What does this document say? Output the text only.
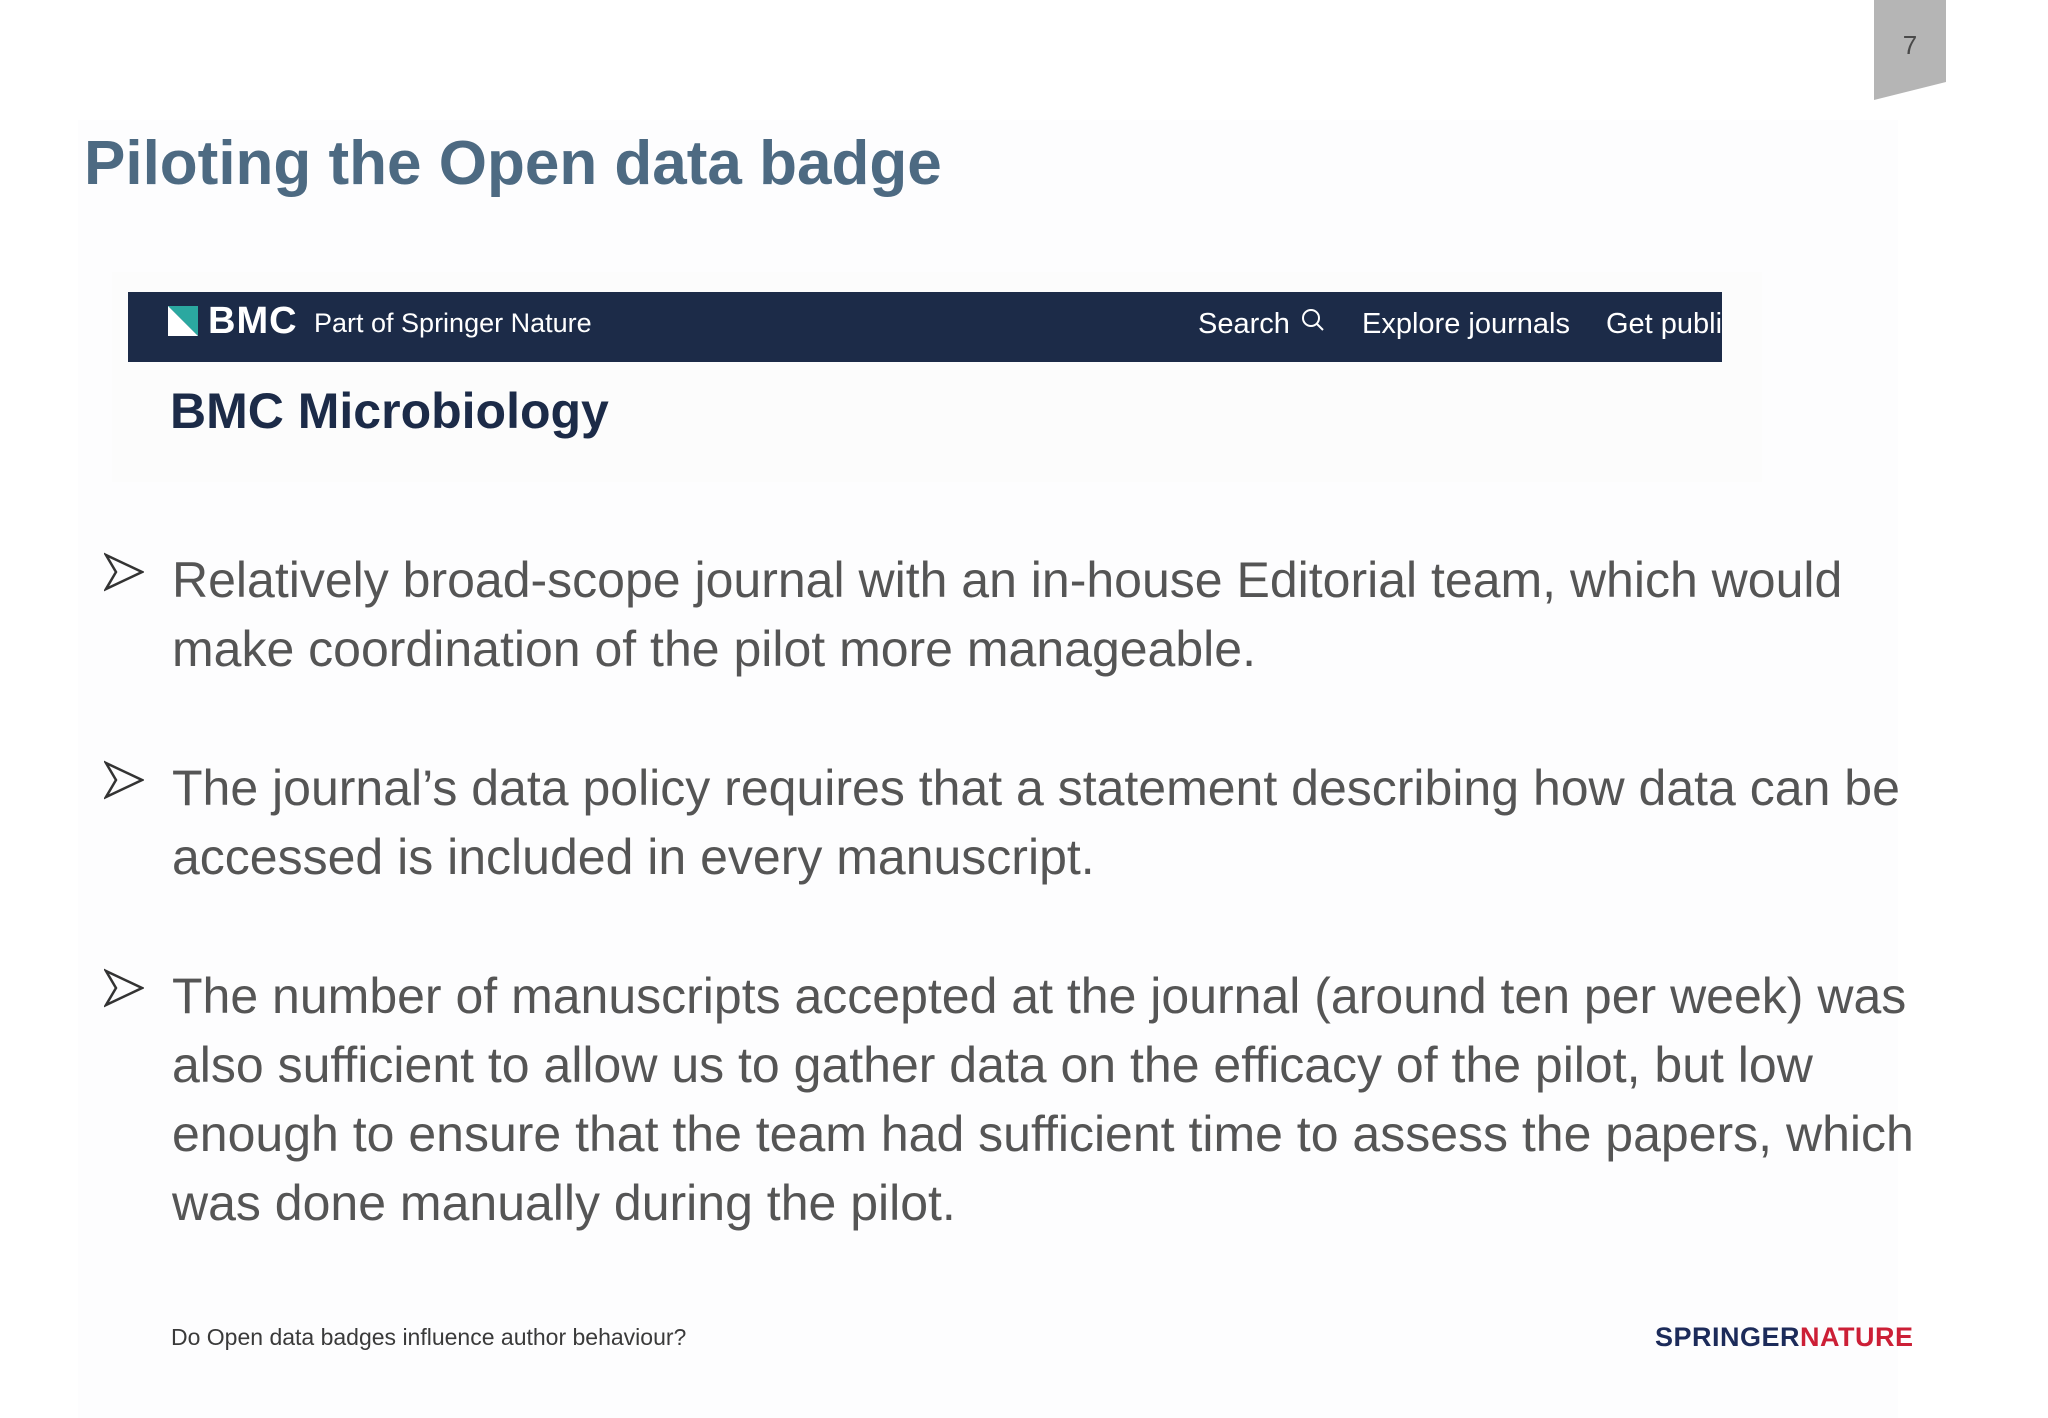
7
Piloting the Open data badge
BMC Part of Springer Nature	Search Explore journals Get publi
BMC Microbiology
Relatively broad-scope journal with an in-house Editorial team, which would make coordination of the pilot more manageable.
The journal’s data policy requires that a statement describing how data can be accessed is included in every manuscript.
The number of manuscripts accepted at the journal (around ten per week) was also sufficient to allow us to gather data on the efficacy of the pilot, but low enough to ensure that the team had sufficient time to assess the papers, which was done manually during the pilot.
Do Open data badges influence author behaviour?	SPRINGERNATURE
